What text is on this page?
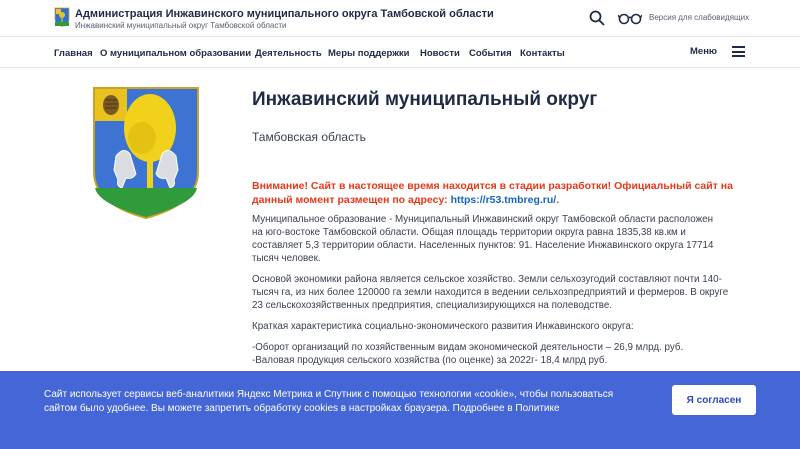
Администрация Инжавинского муниципального округа Тамбовской области
Инжавинский муниципальный округ Тамбовской области
Версия для слабовидящих
Главная О муниципальном образовании Деятельность Меры поддержки Новости События Контакты	Меню
Инжавинский муниципальный округ
Тамбовская область
Внимание! Сайт в настоящее время находится в стадии разработки! Официальный сайт на данный момент размещен по адресу: https://r53.tmbreg.ru/.
Муниципальное образование - Муниципальный Инжавинский округ Тамбовской области расположен на юго-востоке Тамбовской области. Общая площадь территории округа равна 1835,38 кв.км и составляет 5,3 территории области. Населенных пунктов: 91. Население Инжавинского округа 17714 тысяч человек.
Основой экономики района является сельское хозяйство. Земли сельхозугодий составляют почти 140-тысяч га, из них более 120000 га земли находится в ведении сельхозпредприятий и фермеров. В округе 23 сельскохозяйственных предприятия, специализирующихся на полеводстве.
Краткая характеристика социально-экономического развития Инжавинского округа:
-Оборот организаций по хозяйственным видам экономической деятельности – 26,9 млрд. руб.
-Валовая продукция сельского хозяйства (по оценке) за 2022г- 18,4 млрд руб.
Сайт использует сервисы веб-аналитики Яндекс Метрика и Спутник с помощью технологии «cookie», чтобы пользоваться сайтом было удобнее. Вы можете запретить обработку cookies в настройках браузера. Подробнее в Политике
Я согласен
